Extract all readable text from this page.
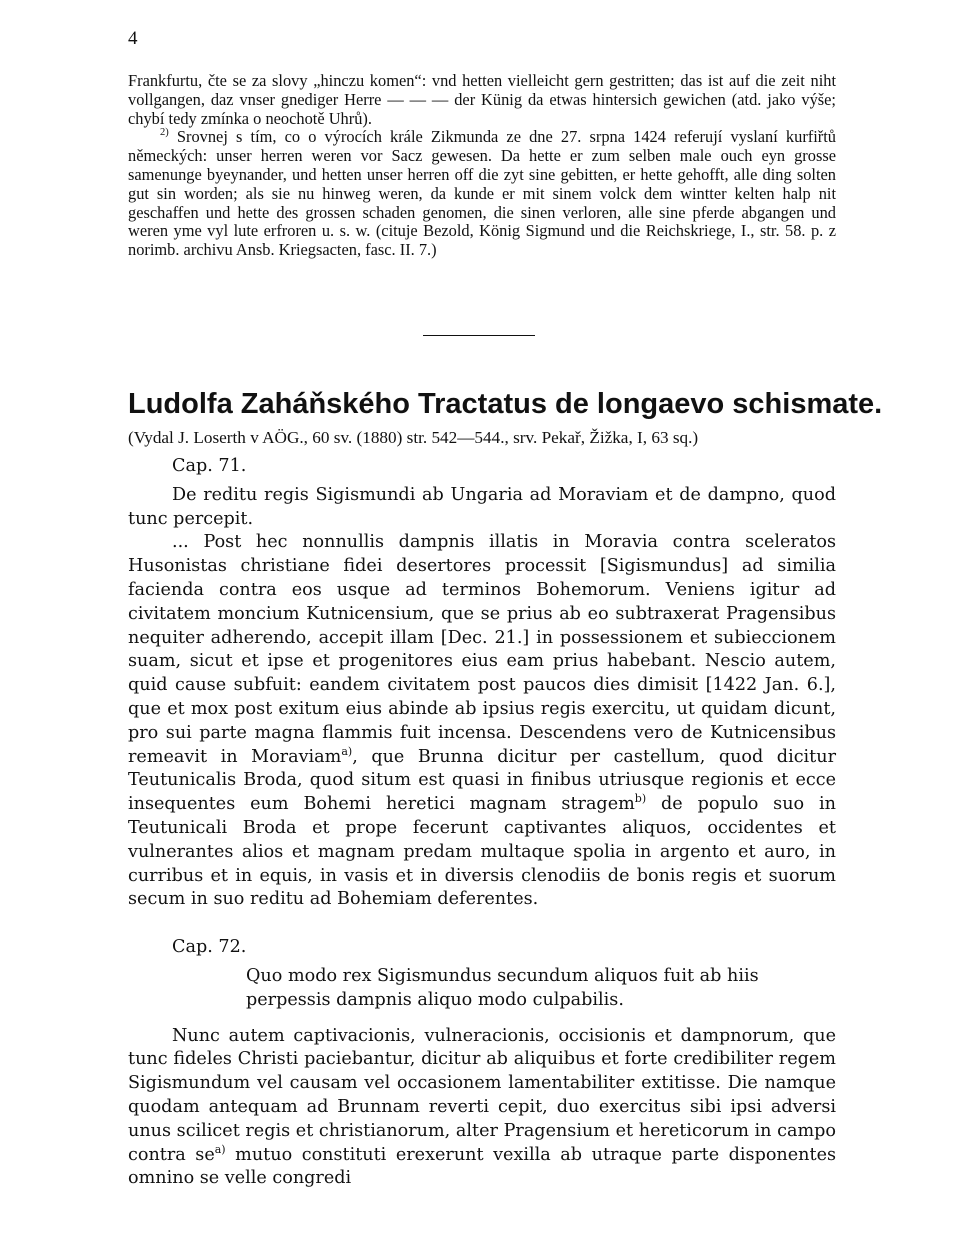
4

Frankfurtu, čte se za slovy „hinczu komen“: vnd hetten vielleicht gern gestritten; das ist auf die zeit niht vollgangen, daz vnser gnediger Herre — — — der Künig da etwas hintersich gewichen (atd. jako výše; chybí tedy zmínka o neochotě Uhrů).

$^{2)}$ Srovnej s tím, co o výrocích krále Zikmunda ze dne 27. srpna 1424 referují vyslaní kurfiřtů německých: unser herren weren vor Sacz gewesen. Da hette er zum selben male ouch eyn grosse samenunge byeynander, und hetten unser herren off die zyt sine gebitten, er hette gehofft, alle ding solten gut sin worden; als sie nu hinweg weren, da kunde er mit sinem volck dem wintter kelten halp nit geschaffen und hette des grossen schaden genomen, die sinen verloren, alle sine pferde abgangen und weren yme vyl lute erfroren u. s. w. (cituje Bezold, König Sigmund und die Reichskriege, I., str. 58. p. z norimb. archivu Ansb. Kriegsacten, fasc. II. 7.)

Ludolfa Zaháňského Tractatus de longaevo schismate.
(Vydal J. Loserth v AÖG., 60 sv. (1880) str. 542—544., srv. Pekař, Žižka, I, 63 sq.)

Cap. 71.

De reditu regis Sigismundi ab Ungaria ad Moraviam et de dampno, quod tunc percepit.

... Post hec nonnullis dampnis illatis in Moravia contra sceleratos Husonistas christiane fidei desertores processit [Sigismundus] ad similia facienda contra eos usque ad terminos Bohemorum. Veniens igitur ad civitatem moncium Kutnicensium, que se prius ab eo subtraxerat Pragensibus nequiter adherendo, accepit illam [Dec. 21.] in possessionem et subieccionem suam, sicut et ipse et progenitores eius eam prius habebant. Nescio autem, quid cause subfuit: eandem civitatem post paucos dies dimisit [1422 Jan. 6.], que et mox post exitum eius abinde ab ipsius regis exercitu, ut quidam dicunt, pro sui parte magna flammis fuit incensa. Descendens vero de Kutnicensibus remeavit in Moraviam$^{a)}$, que Brunna dicitur per castellum, quod dicitur Teutunicalis Broda, quod situm est quasi in finibus utriusque regionis et ecce insequentes eum Bohemi heretici magnam stragem$^{b)}$ de populo suo in Teutunicali Broda et prope fecerunt captivantes aliquos, occidentes et vulnerantes alios et magnam predam multaque spolia in argento et auro, in curribus et in equis, in vasis et in diversis clenodiis de bonis regis et suorum secum in suo reditu ad Bohemiam deferentes.

Cap. 72.

Quo modo rex Sigismundus secundum aliquos fuit ab hiis perpessis dampnis aliquo modo culpabilis.

Nunc autem captivacionis, vulneracionis, occisionis et dampnorum, que tunc fideles Christi paciebantur, dicitur ab aliquibus et forte credibiliter regem Sigismundum vel causam vel occasionem lamentabiliter extitisse. Die namque quodam antequam ad Brunnam reverti cepit, duo exercitus sibi ipsi adversi unus scilicet regis et christianorum, alter Pragensium et hereticorum in campo contra se$^{a)}$ mutuo constituti erexerunt vexilla ab utraque parte disponentes omnino se velle congredi
